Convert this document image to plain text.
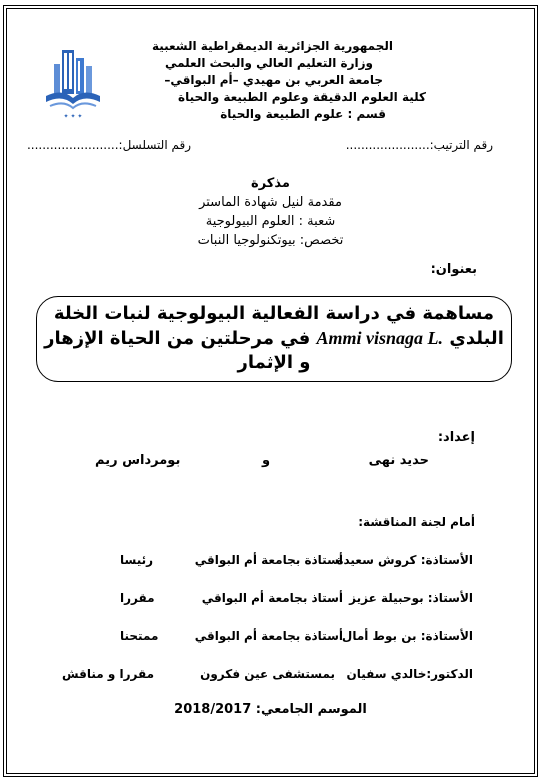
الجمهورية الجزائرية الديمقراطية الشعبية
وزارة التعليم العالي والبحث العلمي
جامعة العربي بن مهيدي –أم البواقي–
كلية العلوم الدقيقة وعلوم الطبيعة والحياة
قسم : علوم الطبيعة والحياة
✦ ✦ ✦
رقم الترتيب:......................
رقم التسلسل:........................
مذكرة
مقدمة لنيل شهادة الماستر
شعبة : العلوم البيولوجية
تخصص: بيوتكنولوجيا النبات
بعنوان:
مساهمة في دراسة الفعالية البيولوجية لنبات الخلة البلدي Ammi visnaga L. في مرحلتين من الحياة الإزهار و الإثمار
إعداد:
حديد نهى
و
بومرداس ريم
أمام لجنة المناقشة:
الأستاذة: كروش سعيدة
أستاذة بجامعة أم البواقي
رئيسا
الأستاذ: بوحبيلة عزيز
أستاذ بجامعة أم البواقي
مقررا
الأستاذة: بن بوط أمال
أستاذة بجامعة أم البواقي
ممتحنا
الدكتور:خالدي سفيان
بمستشفى عين فكرون
مقررا و مناقش
الموسم الجامعي: 2018/2017
